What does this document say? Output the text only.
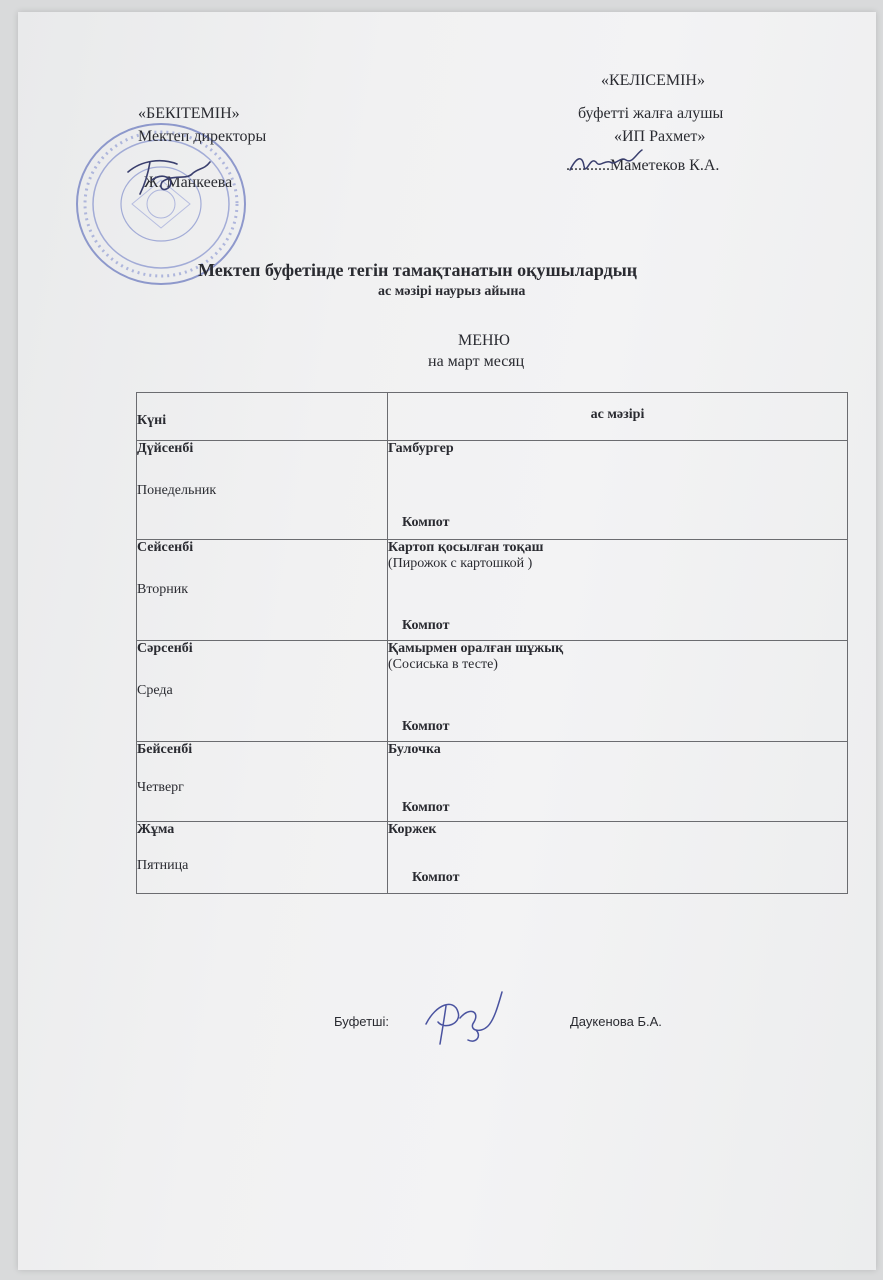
«БЕКІТЕМІН»
Мектеп директоры
Ж. Манкеева
«КЕЛІСЕМІН»
буфетті жалға алушы
«ИП Рахмет»
...........Маметеков К.А.
Мектеп буфетінде тегін тамақтанатын оқушылардың
ас мәзірі наурыз айына
МЕНЮ
на март месяц
Күні	ас мәзірі

Дүйсенбі
Понедельник	Гамбургер
Компот

Сейсенбі
Вторник	Картоп қосылған тоқаш
(Пирожок с картошкой )
Компот

Сәрсенбі
Среда	Қамырмен оралған шұжық
(Сосиська в тесте)
Компот

Бейсенбі
Четверг	Булочка
Компот

Жұма
Пятница	Коржек
Компот
Буфетші:	Даукенова Б.А.
